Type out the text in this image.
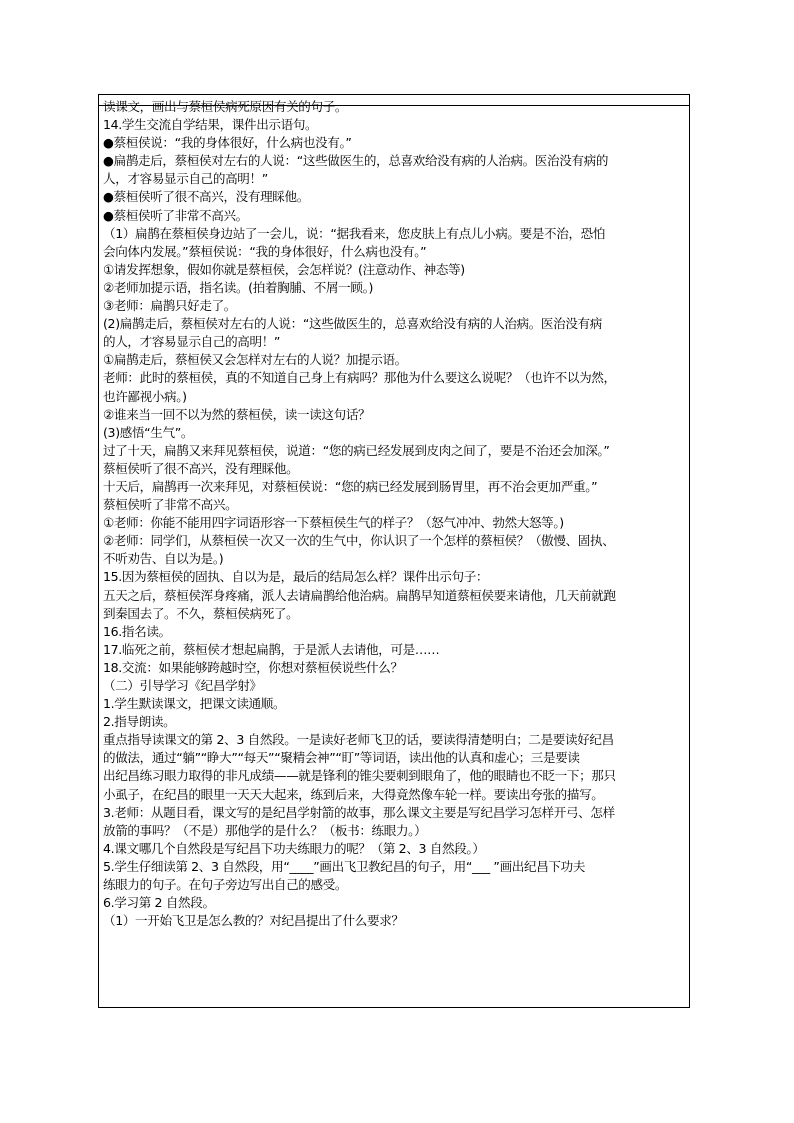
读课文，画出与蔡桓侯病死原因有关的句子。
14.学生交流自学结果，课件出示语句。
●蔡桓侯说：“我的身体很好，什么病也没有。”
●扁鹊走后，蔡桓侯对左右的人说：“这些做医生的，总喜欢给没有病的人治病。医治没有病的
人，才容易显示自己的高明！”
●蔡桓侯听了很不高兴，没有理睬他。
●蔡桓侯听了非常不高兴。
（1）扁鹊在蔡桓侯身边站了一会儿，说：“据我看来，您皮肤上有点儿小病。要是不治，恐怕
会向体内发展。”蔡桓侯说：“我的身体很好，什么病也没有。”
①请发挥想象，假如你就是蔡桓侯，会怎样说？(注意动作、神态等)
②老师加提示语，指名读。(拍着胸脯、不屑一顾。)
③老师：扁鹊只好走了。
(2)扁鹊走后，蔡桓侯对左右的人说：“这些做医生的，总喜欢给没有病的人治病。医治没有病
的人，才容易显示自己的高明！”
①扁鹊走后，蔡桓侯又会怎样对左右的人说？加提示语。
老师：此时的蔡桓侯，真的不知道自己身上有病吗？那他为什么要这么说呢？（也许不以为然，
也许鄙视小病。)
②谁来当一回不以为然的蔡桓侯，读一读这句话？
(3)感悟“生气”。
过了十天，扁鹊又来拜见蔡桓侯，说道：“您的病已经发展到皮肉之间了，要是不治还会加深。”
蔡桓侯听了很不高兴，没有理睬他。
十天后，扁鹊再一次来拜见，对蔡桓侯说：“您的病已经发展到肠胃里，再不治会更加严重。”
蔡桓侯听了非常不高兴。
①老师：你能不能用四字词语形容一下蔡桓侯生气的样子？（怒气冲冲、勃然大怒等。)
②老师：同学们，从蔡桓侯一次又一次的生气中，你认识了一个怎样的蔡桓侯？（傲慢、固执、
不听劝告、自以为是。)
15.因为蔡桓侯的固执、自以为是，最后的结局怎么样？课件出示句子：
五天之后，蔡桓侯浑身疼痛，派人去请扁鹊给他治病。扁鹊早知道蔡桓侯要来请他，几天前就跑
到秦国去了。不久，蔡桓侯病死了。
16.指名读。
17.临死之前，蔡桓侯才想起扁鹊，于是派人去请他，可是……
18.交流：如果能够跨越时空，你想对蔡桓侯说些什么？
（二）引导学习《纪昌学射》
1.学生默读课文，把课文读通顺。
2.指导朗读。
重点指导读课文的第 2、3 自然段。一是读好老师飞卫的话，要读得清楚明白；二是要读好纪昌
的做法，通过“躺”“睁大”“每天”“聚精会神”“盯”等词语，读出他的认真和虚心；三是要读
出纪昌练习眼力取得的非凡成绩——就是锋利的锥尖要刺到眼角了，他的眼睛也不眨一下；那只
小虱子，在纪昌的眼里一天天大起来，练到后来，大得竟然像车轮一样。要读出夸张的描写。
3.老师：从题目看，课文写的是纪昌学射箭的故事，那么课文主要是写纪昌学习怎样开弓、怎样
放箭的事吗？（不是）那他学的是什么？（板书：练眼力。）
4.课文哪几个自然段是写纪昌下功夫练眼力的呢？（第 2、3 自然段。）
5.学生仔细读第 2、3 自然段，用“____”画出飞卫教纪昌的句子，用“___ ”画出纪昌下功夫
练眼力的句子。在句子旁边写出自己的感受。
6.学习第 2 自然段。
（1）一开始飞卫是怎么教的？对纪昌提出了什么要求？
